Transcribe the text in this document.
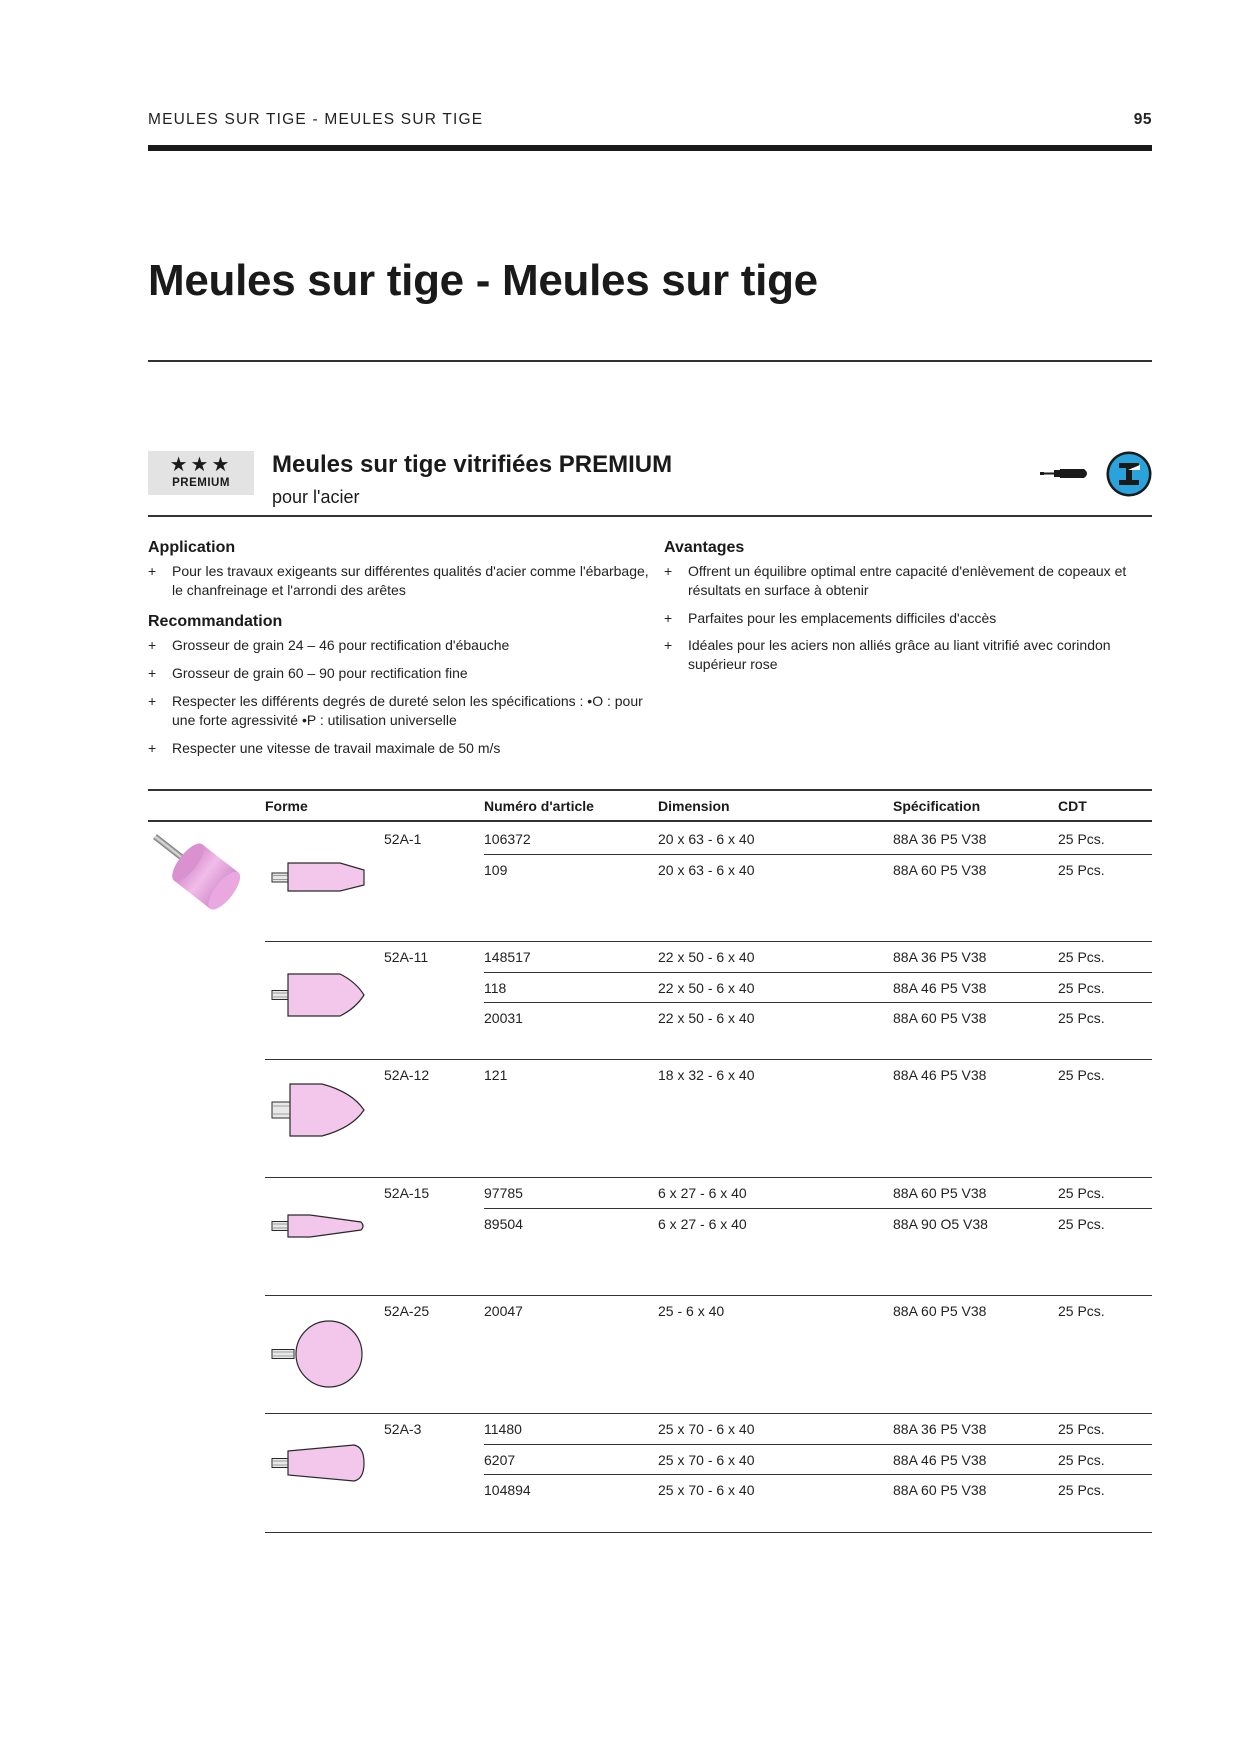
MEULES SUR TIGE - MEULES SUR TIGE	95
Meules sur tige - Meules sur tige
★★★
PREMIUM
Meules sur tige vitrifiées PREMIUM
pour l'acier
Application
+ Pour les travaux exigeants sur différentes qualités d'acier comme l'ébarbage, le chanfreinage et l'arrondi des arêtes
Recommandation
+ Grosseur de grain 24 – 46 pour rectification d'ébauche
+ Grosseur de grain 60 – 90 pour rectification fine
+ Respecter les différents degrés de dureté selon les spécifications : •O : pour une forte agressivité •P : utilisation universelle
+ Respecter une vitesse de travail maximale de 50 m/s
Avantages
+ Offrent un équilibre optimal entre capacité d'enlèvement de copeaux et résultats en surface à obtenir
+ Parfaites pour les emplacements difficiles d'accès
+ Idéales pour les aciers non alliés grâce au liant vitrifié avec corindon supérieur rose
Forme	Numéro d'article	Dimension	Spécification	CDT
52A-1	106372	20 x 63 - 6 x 40	88A 36 P5 V38	25 Pcs.
109	20 x 63 - 6 x 40	88A 60 P5 V38	25 Pcs.
52A-11	148517	22 x 50 - 6 x 40	88A 36 P5 V38	25 Pcs.
118	22 x 50 - 6 x 40	88A 46 P5 V38	25 Pcs.
20031	22 x 50 - 6 x 40	88A 60 P5 V38	25 Pcs.
52A-12	121	18 x 32 - 6 x 40	88A 46 P5 V38	25 Pcs.
52A-15	97785	6 x 27 - 6 x 40	88A 60 P5 V38	25 Pcs.
89504	6 x 27 - 6 x 40	88A 90 O5 V38	25 Pcs.
52A-25	20047	25 - 6 x 40	88A 60 P5 V38	25 Pcs.
52A-3	11480	25 x 70 - 6 x 40	88A 36 P5 V38	25 Pcs.
6207	25 x 70 - 6 x 40	88A 46 P5 V38	25 Pcs.
104894	25 x 70 - 6 x 40	88A 60 P5 V38	25 Pcs.
